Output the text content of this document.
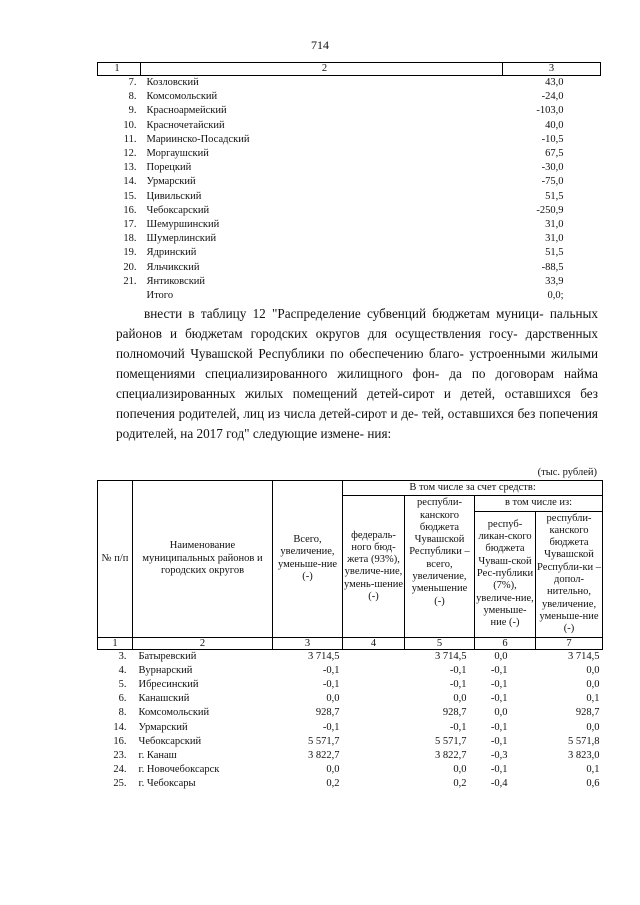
714
1	2	3
7.	Козловский	43,0
8.	Комсомольский	-24,0
9.	Красноармейский	-103,0
10.	Красночетайский	40,0
11.	Мариинско-Посадский	-10,5
12.	Моргаушский	67,5
13.	Порецкий	-30,0
14.	Урмарский	-75,0
15.	Цивильский	51,5
16.	Чебоксарский	-250,9
17.	Шемуршинский	31,0
18.	Шумерлинский	31,0
19.	Ядринский	51,5
20.	Яльчикский	-88,5
21.	Янтиковский	33,9
	Итого	0,0;

внести в таблицу 12 "Распределение субвенций бюджетам муници- пальных районов и бюджетам городских округов для осуществления госу- дарственных полномочий Чувашской Республики по обеспечению благо- устроенными жилыми помещениями специализированного жилищного фон- да по договорам найма специализированных жилых помещений детей-сирот и детей, оставшихся без попечения родителей, лиц из числа детей-сирот и де- тей, оставшихся без попечения родителей, на 2017 год" следующие измене- ния:

(тыс. рублей)
№ п/п	Наименование муниципальных районов и городских округов	Всего, увеличение, уменьше-ние (-)	В том числе за счет средств:			
			федераль-ного бюд-жета (93%), увеличе-ние, умень-шение (-)	республи-канского бюджета Чувашской Республики – всего, увеличение, уменьшение (-)	в том числе из:	
					респуб-ликан-ского бюджета Чуваш-ской Рес-публики (7%), увеличе-ние, уменьше-ние (-)	республи-канского бюджета Чувашской Республи-ки – допол-нительно, увеличение, уменьше-ние (-)
1	2	3	4	5	6	7
3.	Батыревский	3 714,5		3 714,5	0,0	3 714,5
4.	Вурнарский	-0,1		-0,1	-0,1	0,0
5.	Ибресинский	-0,1		-0,1	-0,1	0,0
6.	Канашский	0,0		0,0	-0,1	0,1
8.	Комсомольский	928,7		928,7	0,0	928,7
14.	Урмарский	-0,1		-0,1	-0,1	0,0
16.	Чебоксарский	5 571,7		5 571,7	-0,1	5 571,8
23.	г. Канаш	3 822,7		3 822,7	-0,3	3 823,0
24.	г. Новочебоксарск	0,0		0,0	-0,1	0,1
25.	г. Чебоксары	0,2		0,2	-0,4	0,6
